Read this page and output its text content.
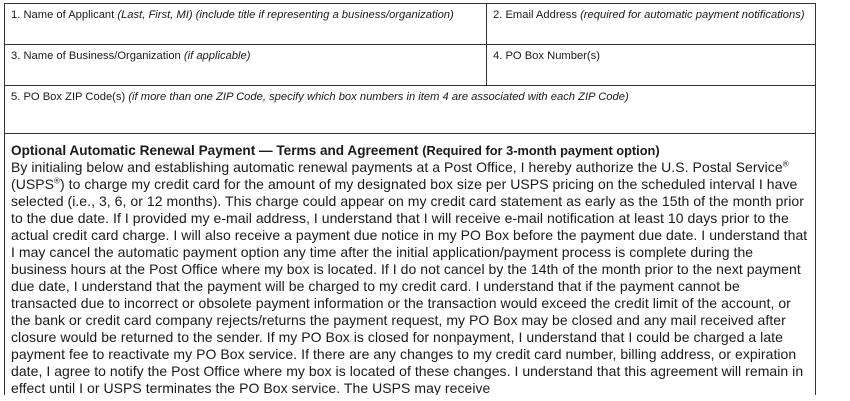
1. Name of Applicant (Last, First, MI) (include title if representing a business/organization)	2. Email Address (required for automatic payment notifications)
3. Name of Business/Organization (if applicable)	4. PO Box Number(s)
5. PO Box ZIP Code(s) (if more than one ZIP Code, specify which box numbers in item 4 are associated with each ZIP Code)

Optional Automatic Renewal Payment — Terms and Agreement (Required for 3-month payment option)

By initialing below and establishing automatic renewal payments at a Post Office, I hereby authorize the U.S. Postal Service® (USPS®) to charge my credit card for the amount of my designated box size per USPS pricing on the scheduled interval I have selected (i.e., 3, 6, or 12 months). This charge could appear on my credit card statement as early as the 15th of the month prior to the due date. If I provided my e-mail address, I understand that I will receive e-mail notification at least 10 days prior to the actual credit card charge. I will also receive a payment due notice in my PO Box before the payment due date. I understand that I may cancel the automatic payment option any time after the initial application/payment process is complete during the business hours at the Post Office where my box is located. If I do not cancel by the 14th of the month prior to the next payment due date, I understand that the payment will be charged to my credit card. I understand that if the payment cannot be transacted due to incorrect or obsolete payment information or the transaction would exceed the credit limit of the account, or the bank or credit card company rejects/returns the payment request, my PO Box may be closed and any mail received after closure would be returned to the sender. If my PO Box is closed for nonpayment, I understand that I could be charged a late payment fee to reactivate my PO Box service. If there are any changes to my credit card number, billing address, or expiration date, I agree to notify the Post Office where my box is located of these changes. I understand that this agreement will remain in effect until I or USPS terminates the PO Box service. The USPS may receive
